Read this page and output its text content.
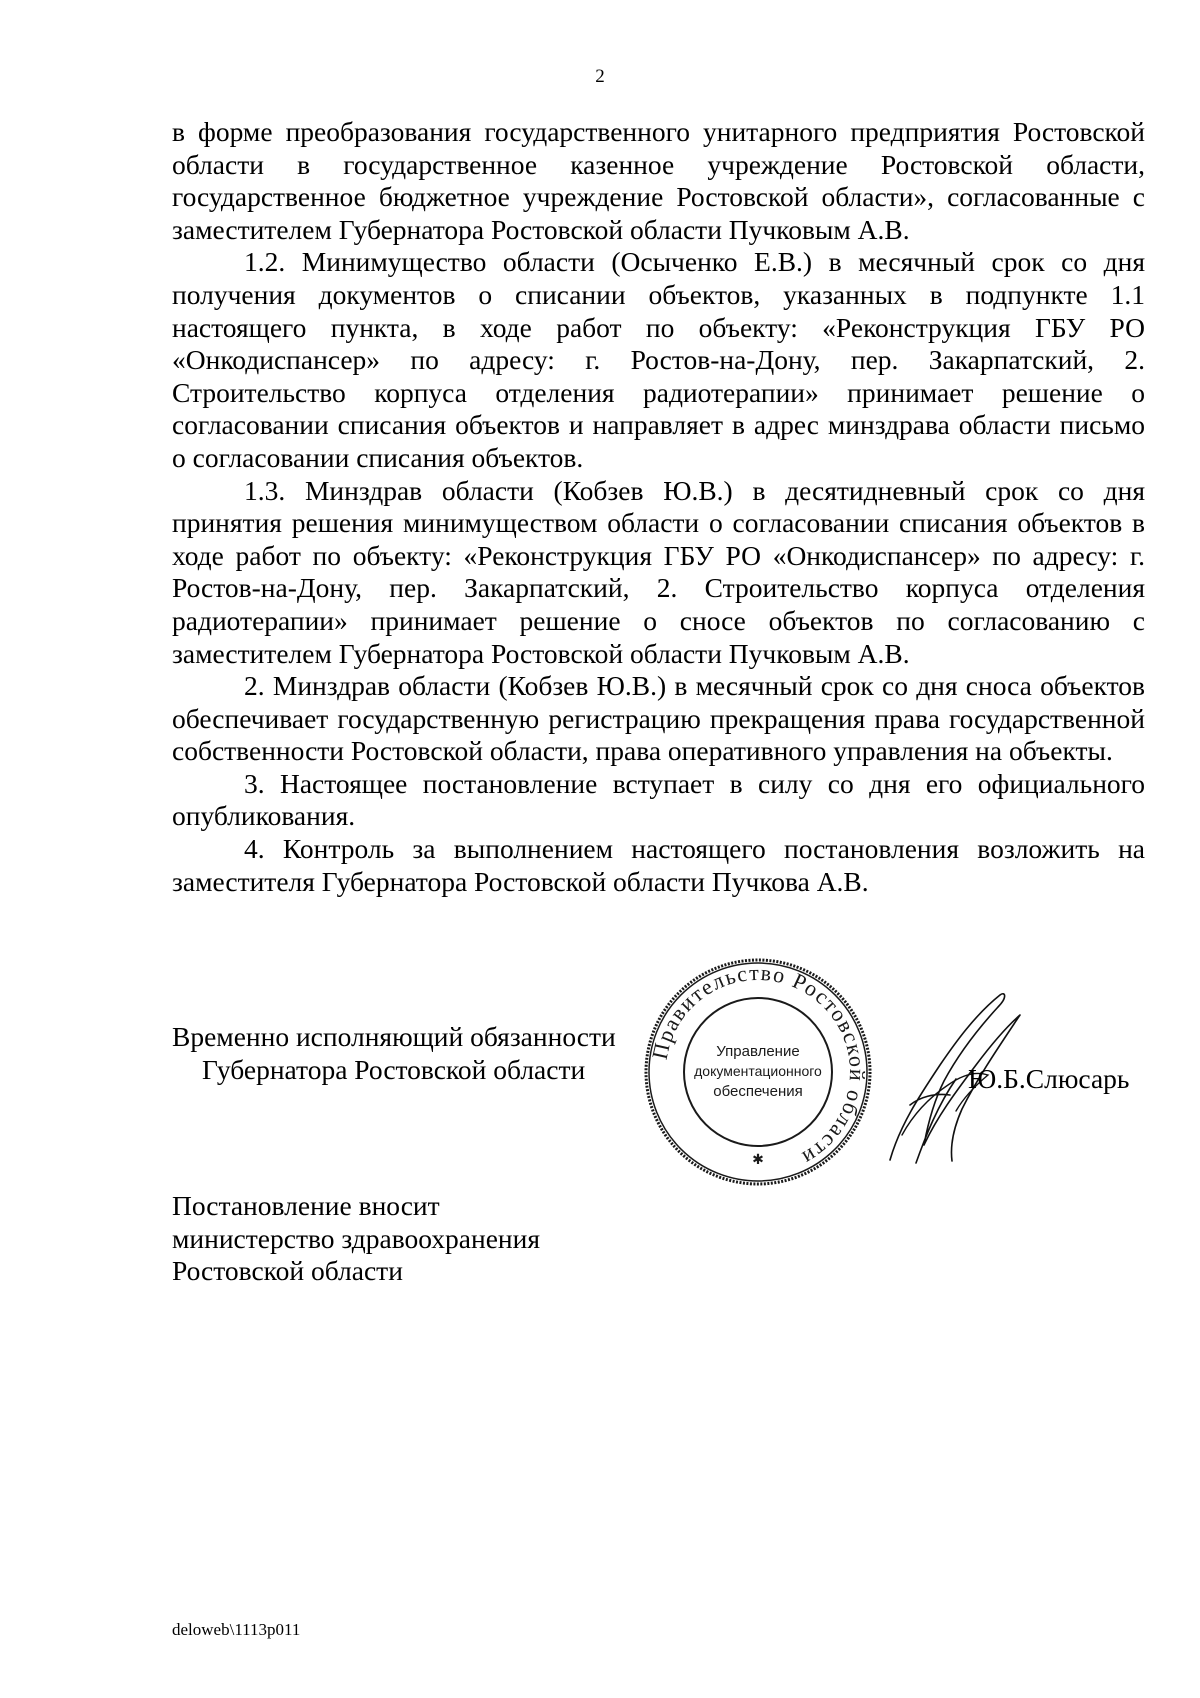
2

в форме преобразования государственного унитарного предприятия Ростовской области в государственное казенное учреждение Ростовской области, государственное бюджетное учреждение Ростовской области», согласованные с заместителем Губернатора Ростовской области Пучковым А.В.

1.2. Минимущество области (Осыченко Е.В.) в месячный срок со дня получения документов о списании объектов, указанных в подпункте 1.1 настоящего пункта, в ходе работ по объекту: «Реконструкция ГБУ РО «Онкодиспансер» по адресу: г. Ростов-на-Дону, пер. Закарпатский, 2. Строительство корпуса отделения радиотерапии» принимает решение о согласовании списания объектов и направляет в адрес минздрава области письмо о согласовании списания объектов.

1.3. Минздрав области (Кобзев Ю.В.) в десятидневный срок со дня принятия решения минимуществом области о согласовании списания объектов в ходе работ по объекту: «Реконструкция ГБУ РО «Онкодиспансер» по адресу: г. Ростов-на-Дону, пер. Закарпатский, 2. Строительство корпуса отделения радиотерапии» принимает решение о сносе объектов по согласованию с заместителем Губернатора Ростовской области Пучковым А.В.

2. Минздрав области (Кобзев Ю.В.) в месячный срок со дня сноса объектов обеспечивает государственную регистрацию прекращения права государственной собственности Ростовской области, права оперативного управления на объекты.

3. Настоящее постановление вступает в силу со дня его официального опубликования.

4. Контроль за выполнением настоящего постановления возложить на заместителя Губернатора Ростовской области Пучкова А.В.

Временно исполняющий обязанности
Губернатора Ростовской области
Правительство Ростовской области
Управление
документационного
обеспечения
✱
Ю.Б.Слюсарь
Постановление вносит
министерство здравоохранения
Ростовской области
deloweb\1113p011
